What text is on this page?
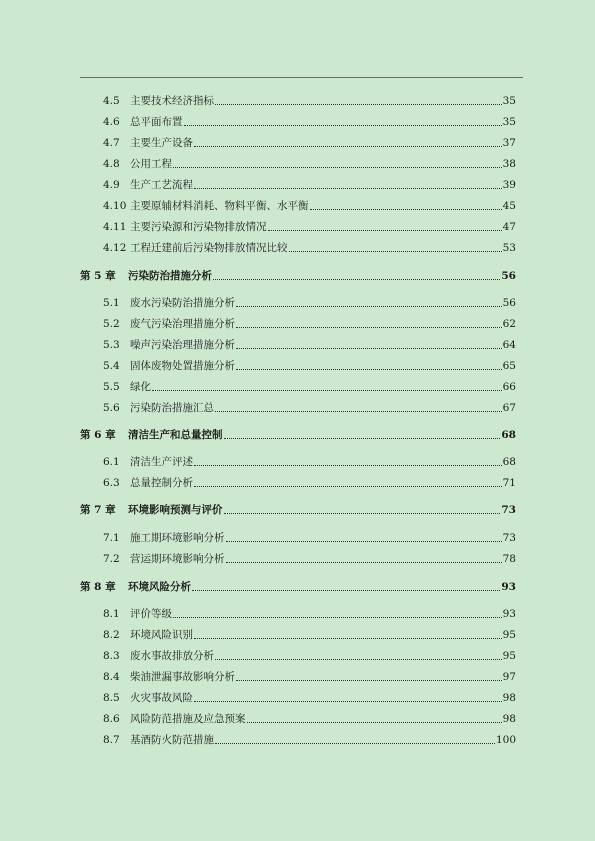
4.5 主要技术经济指标	35
4.6 总平面布置	35
4.7 主要生产设备	37
4.8 公用工程	38
4.9 生产工艺流程	39
4.10 主要原辅材料消耗、物料平衡、水平衡	45
4.11 主要污染源和污染物排放情况	47
4.12 工程迁建前后污染物排放情况比较	53
第 5 章	污染防治措施分析	56
5.1 废水污染防治措施分析	56
5.2 废气污染治理措施分析	62
5.3 噪声污染治理措施分析	64
5.4 固体废物处置措施分析	65
5.5 绿化	66
5.6 污染防治措施汇总	67
第 6 章	清洁生产和总量控制	68
6.1 清洁生产评述	68
6.3 总量控制分析	71
第 7 章	环境影响预测与评价	73
7.1 施工期环境影响分析	73
7.2 营运期环境影响分析	78
第 8 章	环境风险分析	93
8.1 评价等级	93
8.2 环境风险识别	95
8.3 废水事故排放分析	95
8.4 柴油泄漏事故影响分析	97
8.5 火灾事故风险	98
8.6 风险防范措施及应急预案	98
8.7 基酒防火防范措施	100
